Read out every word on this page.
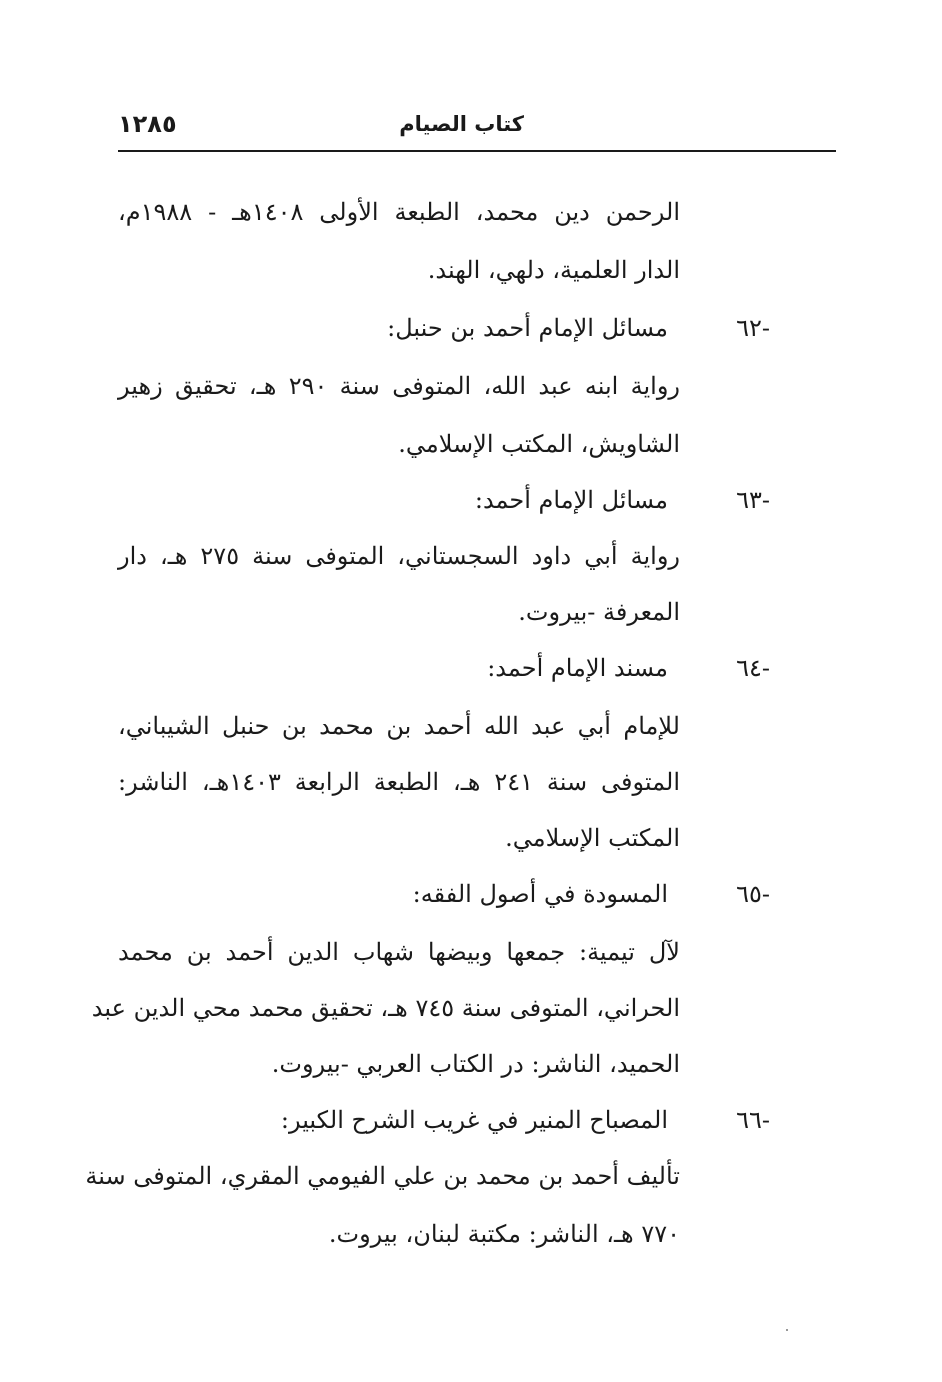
كتاب الصيام
١٢٨٥
الرحمن دين محمد، الطبعة الأولى ١٤٠٨هـ - ١٩٨٨م،
الدار العلمية، دلهي، الهند.
-٦٢
مسائل الإمام أحمد بن حنبل:
روایة ابنه عبد الله، المتوفى سنة ٢٩٠ هـ، تحقيق زهير
الشاويش، المكتب الإسلامي.
-٦٣
مسائل الإمام أحمد:
رواية أبي داود السجستاني، المتوفى سنة ٢٧٥ هـ، دار
المعرفة -بيروت.
-٦٤
مسند الإمام أحمد:
للإمام أبي عبد الله أحمد بن محمد بن حنبل الشيباني،
المتوفى سنة ٢٤١ هـ، الطبعة الرابعة ١٤٠٣هـ، الناشر:
المكتب الإسلامي.
-٦٥
المسودة في أصول الفقه:
لآل تيمية: جمعها وبيضها شهاب الدين أحمد بن محمد
الحراني، المتوفى سنة ٧٤٥ هـ، تحقيق محمد محي الدين عبد
الحميد، الناشر: در الكتاب العربي -بيروت.
-٦٦
المصباح المنير في غريب الشرح الكبير:
تأليف أحمد بن محمد بن علي الفيومي المقري، المتوفى سنة
٧٧٠ هـ، الناشر: مكتبة لبنان، بيروت.
